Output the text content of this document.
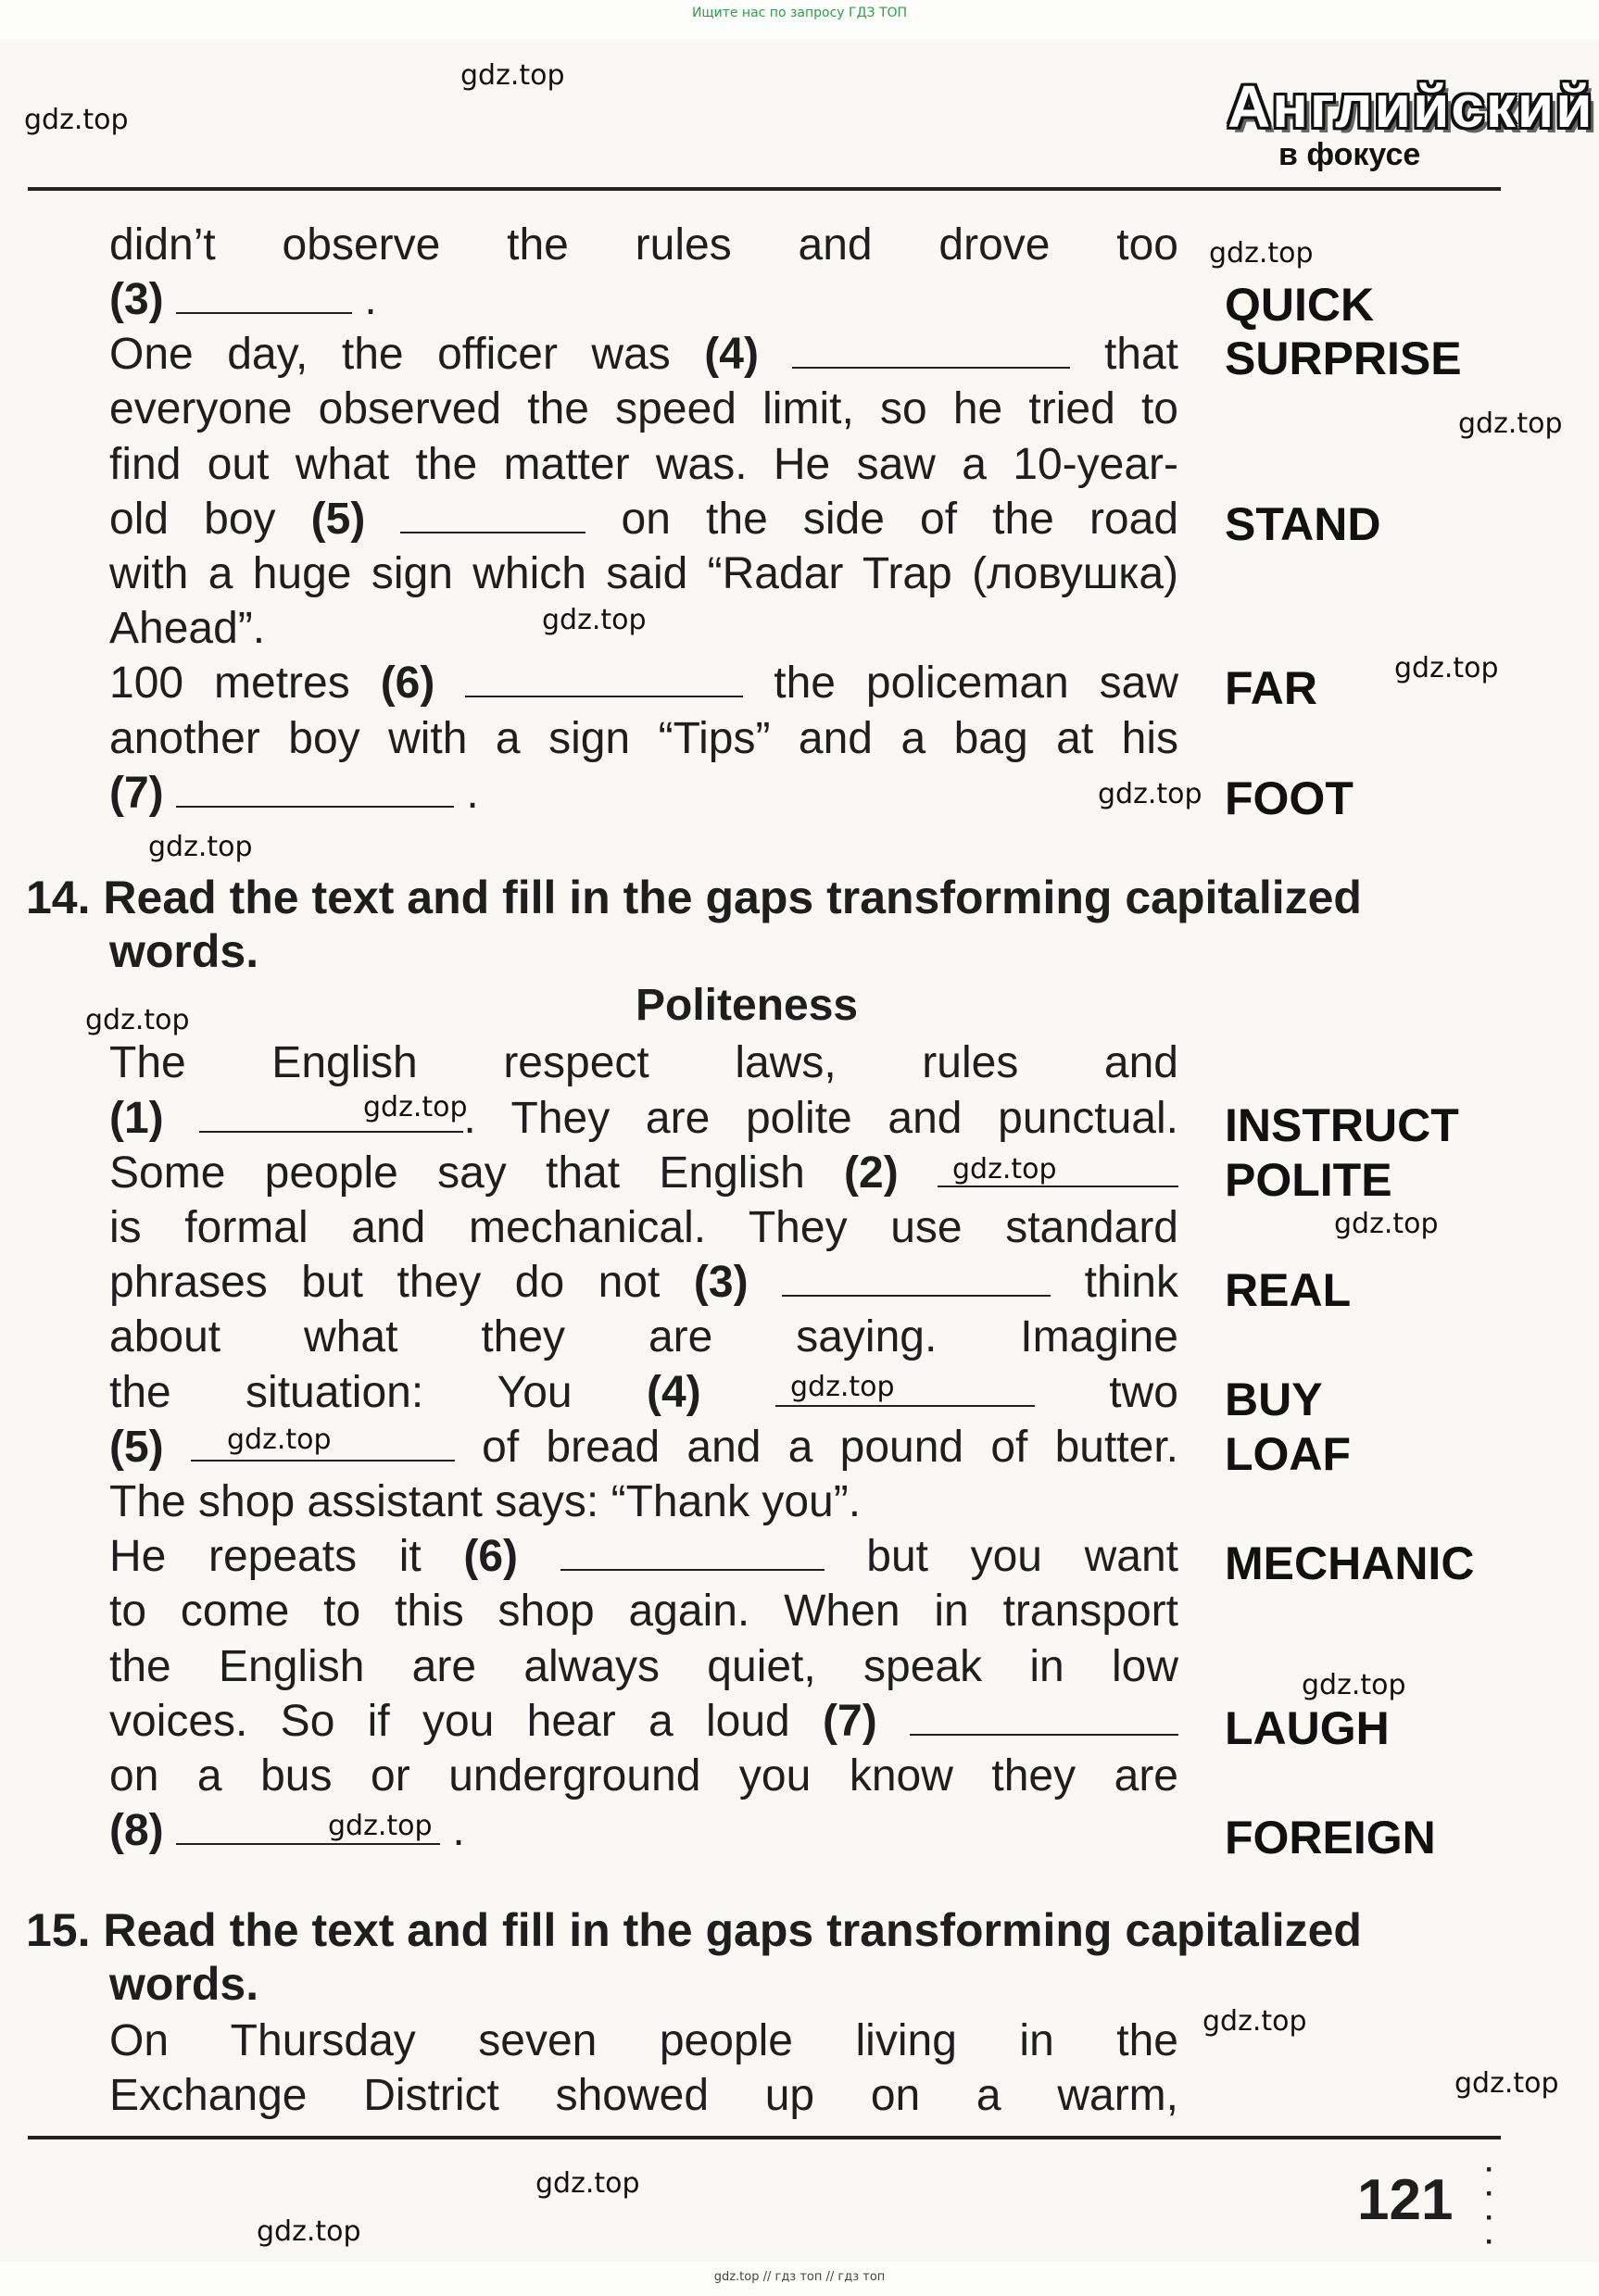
Ищите нас по запросу ГДЗ ТОП
gdz.top
gdz.top
gdz.top
gdz.top
gdz.top
gdz.top
gdz.top
gdz.top
gdz.top
gdz.top
gdz.top
gdz.top
gdz.top
gdz.top
gdz.top
gdz.top
gdz.top
gdz.top
gdz.top
gdz.top
Английский
в фокусе
didn’t observe the rules and drove too
(3)	.
One day, the officer was (4)	that
everyone observed the speed limit, so he tried to
find out what the matter was. He saw a 10-year-
old boy (5)	on the side of the road
with a huge sign which said “Radar Trap (ловушка)
Ahead”.
100 metres (6)	the policeman saw
another boy with a sign “Tips” and a bag at his
(7)	.
QUICK
SURPRISE
STAND
FAR
FOOT
14. Read the text and fill in the gaps transforming capitalized
words.
Politeness
The English respect laws, rules and
(1)	. They are polite and punctual.
Some people say that English (2)
is formal and mechanical. They use standard
phrases but they do not (3)	think
about what they are saying. Imagine
the situation: You (4)	two
(5)	of bread and a pound of butter.
The shop assistant says: “Thank you”.
He repeats it (6)	but you want
to come to this shop again. When in transport
the English are always quiet, speak in low
voices. So if you hear a loud (7)
on a bus or underground you know they are
(8)	.
INSTRUCT
POLITE
REAL
BUY
LOAF
MECHANIC
LAUGH
FOREIGN
15. Read the text and fill in the gaps transforming capitalized
words.
On Thursday seven people living in the
Exchange District showed up on a warm,
121 ·
·
·
·
gdz.top // гдз топ // гдз топ
